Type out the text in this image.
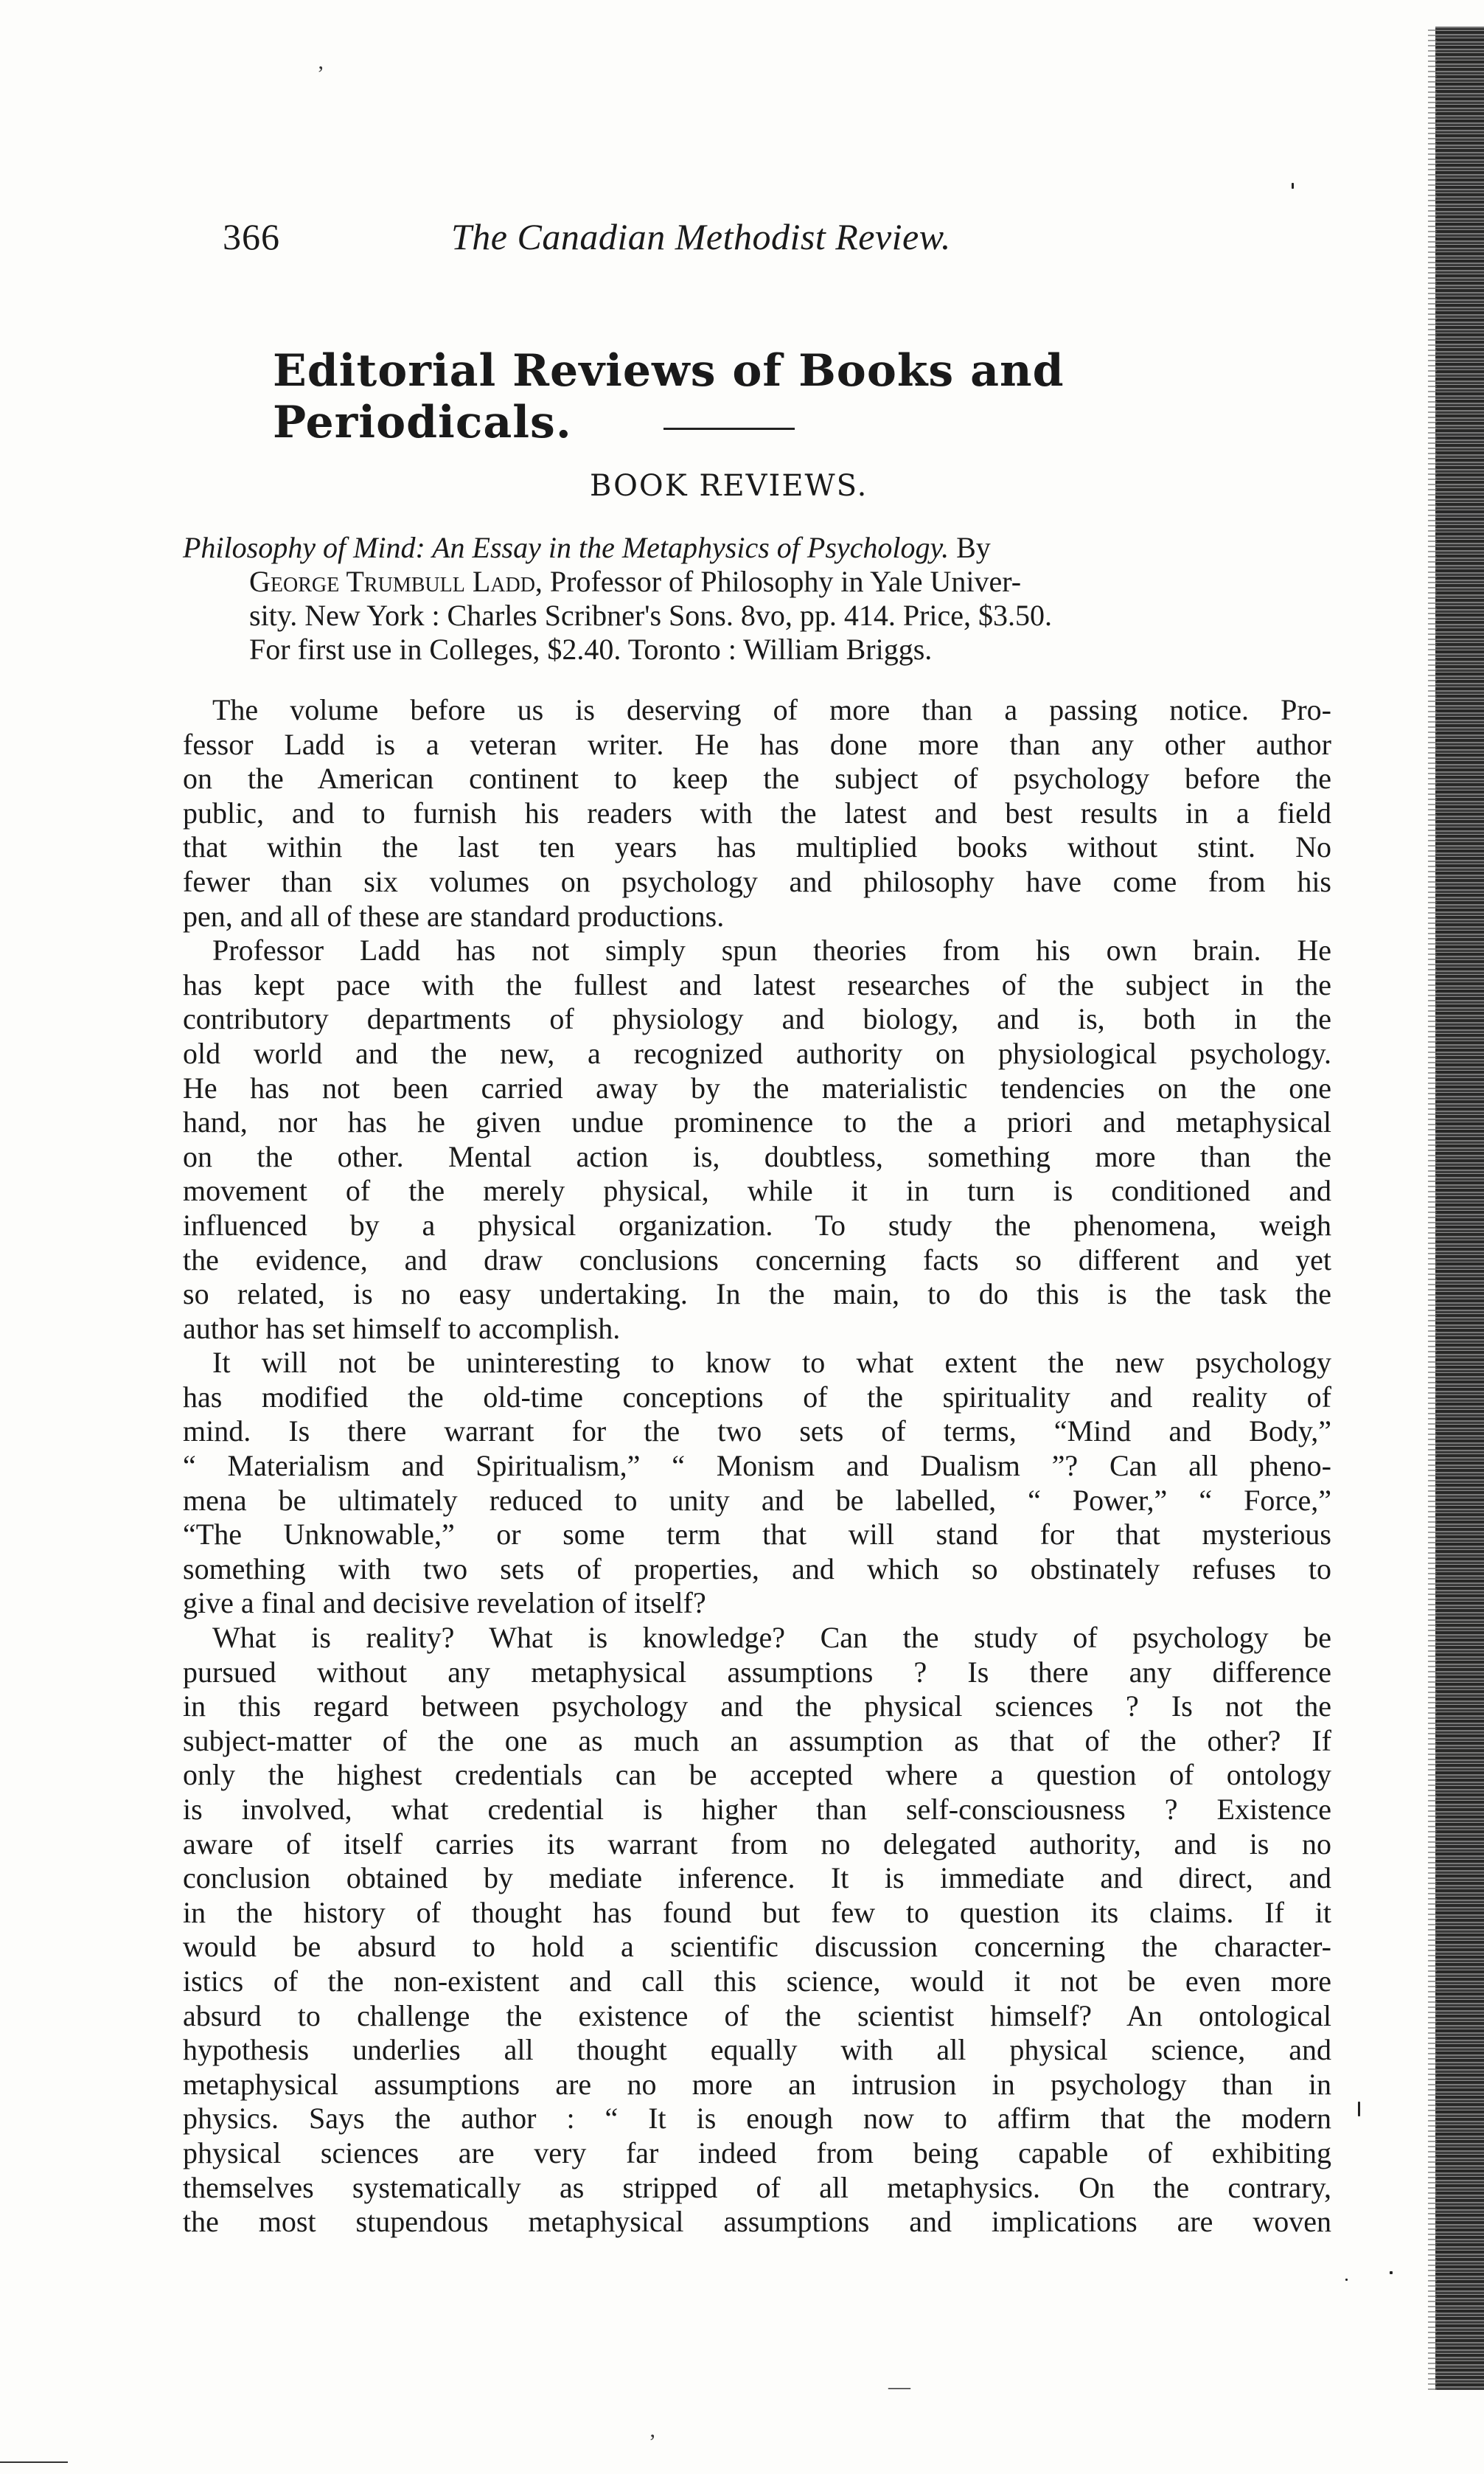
366	The Canadian Methodist Review.
Editorial Reviews of Books and Periodicals.
BOOK REVIEWS.
Philosophy of Mind: An Essay in the Metaphysics of Psychology. By
George Trumbull Ladd, Professor of Philosophy in Yale Univer-
sity. New York : Charles Scribner's Sons. 8vo, pp. 414. Price, $3.50.
For first use in Colleges, $2.40. Toronto : William Briggs.
The volume before us is deserving of more than a passing notice. Pro-
fessor Ladd is a veteran writer. He has done more than any other author
on the American continent to keep the subject of psychology before the
public, and to furnish his readers with the latest and best results in a field
that within the last ten years has multiplied books without stint. No
fewer than six volumes on psychology and philosophy have come from his
pen, and all of these are standard productions.
Professor Ladd has not simply spun theories from his own brain. He
has kept pace with the fullest and latest researches of the subject in the
contributory departments of physiology and biology, and is, both in the
old world and the new, a recognized authority on physiological psychology.
He has not been carried away by the materialistic tendencies on the one
hand, nor has he given undue prominence to the a priori and metaphysical
on the other. Mental action is, doubtless, something more than the
movement of the merely physical, while it in turn is conditioned and
influenced by a physical organization. To study the phenomena, weigh
the evidence, and draw conclusions concerning facts so different and yet
so related, is no easy undertaking. In the main, to do this is the task the
author has set himself to accomplish.
It will not be uninteresting to know to what extent the new psychology
has modified the old-time conceptions of the spirituality and reality of
mind. Is there warrant for the two sets of terms, “Mind and Body,”
“ Materialism and Spiritualism,” “ Monism and Dualism ”? Can all pheno-
mena be ultimately reduced to unity and be labelled, “ Power,” “ Force,”
“The Unknowable,” or some term that will stand for that mysterious
something with two sets of properties, and which so obstinately refuses to
give a final and decisive revelation of itself?
What is reality? What is knowledge? Can the study of psychology be
pursued without any metaphysical assumptions ? Is there any difference
in this regard between psychology and the physical sciences ? Is not the
subject-matter of the one as much an assumption as that of the other? If
only the highest credentials can be accepted where a question of ontology
is involved, what credential is higher than self-consciousness ? Existence
aware of itself carries its warrant from no delegated authority, and is no
conclusion obtained by mediate inference. It is immediate and direct, and
in the history of thought has found but few to question its claims. If it
would be absurd to hold a scientific discussion concerning the character-
istics of the non-existent and call this science, would it not be even more
absurd to challenge the existence of the scientist himself? An ontological
hypothesis underlies all thought equally with all physical science, and
metaphysical assumptions are no more an intrusion in psychology than in
physics. Says the author : “ It is enough now to affirm that the modern
physical sciences are very far indeed from being capable of exhibiting
themselves systematically as stripped of all metaphysics. On the contrary,
the most stupendous metaphysical assumptions and implications are woven
ʼ
—
’
